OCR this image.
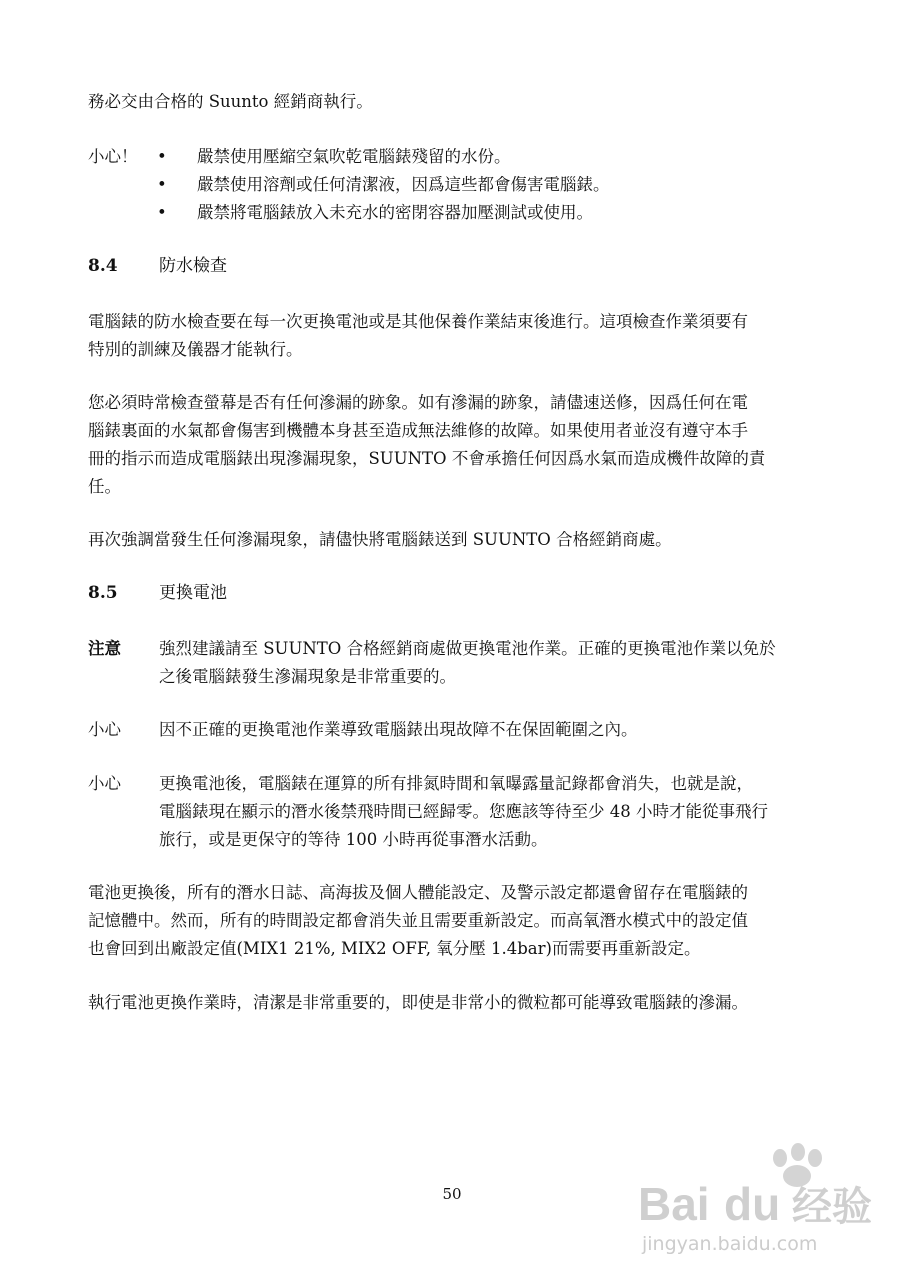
務必交由合格的 Suunto 經銷商執行。
小心！ • 嚴禁使用壓縮空氣吹乾電腦錶殘留的水份。
• 嚴禁使用溶劑或任何清潔液，因爲這些都會傷害電腦錶。
• 嚴禁將電腦錶放入未充水的密閉容器加壓測試或使用。
8.4 防水檢查
電腦錶的防水檢查要在每一次更換電池或是其他保養作業結束後進行。這項檢查作業須要有
特別的訓練及儀器才能執行。
您必須時常檢查螢幕是否有任何滲漏的跡象。如有滲漏的跡象，請儘速送修，因爲任何在電
腦錶裏面的水氣都會傷害到機體本身甚至造成無法維修的故障。如果使用者並沒有遵守本手
冊的指示而造成電腦錶出現滲漏現象，SUUNTO 不會承擔任何因爲水氣而造成機件故障的責
任。
再次強調當發生任何滲漏現象，請儘快將電腦錶送到 SUUNTO 合格經銷商處。
8.5 更換電池
注意 強烈建議請至 SUUNTO 合格經銷商處做更換電池作業。正確的更換電池作業以免於
之後電腦錶發生滲漏現象是非常重要的。
小心 因不正確的更換電池作業導致電腦錶出現故障不在保固範圍之內。
小心 更換電池後，電腦錶在運算的所有排氮時間和氧曝露量記錄都會消失，也就是說，
電腦錶現在顯示的潛水後禁飛時間已經歸零。您應該等待至少 48 小時才能從事飛行
旅行，或是更保守的等待 100 小時再從事潛水活動。
電池更換後，所有的潛水日誌、高海拔及個人體能設定、及警示設定都還會留存在電腦錶的
記憶體中。然而，所有的時間設定都會消失並且需要重新設定。而高氧潛水模式中的設定值
也會回到出廠設定值(MIX1 21%, MIX2 OFF, 氧分壓 1.4bar)而需要再重新設定。
執行電池更換作業時，清潔是非常重要的，即使是非常小的微粒都可能導致電腦錶的滲漏。
50	Bai du 经验
jingyan.baidu.com
